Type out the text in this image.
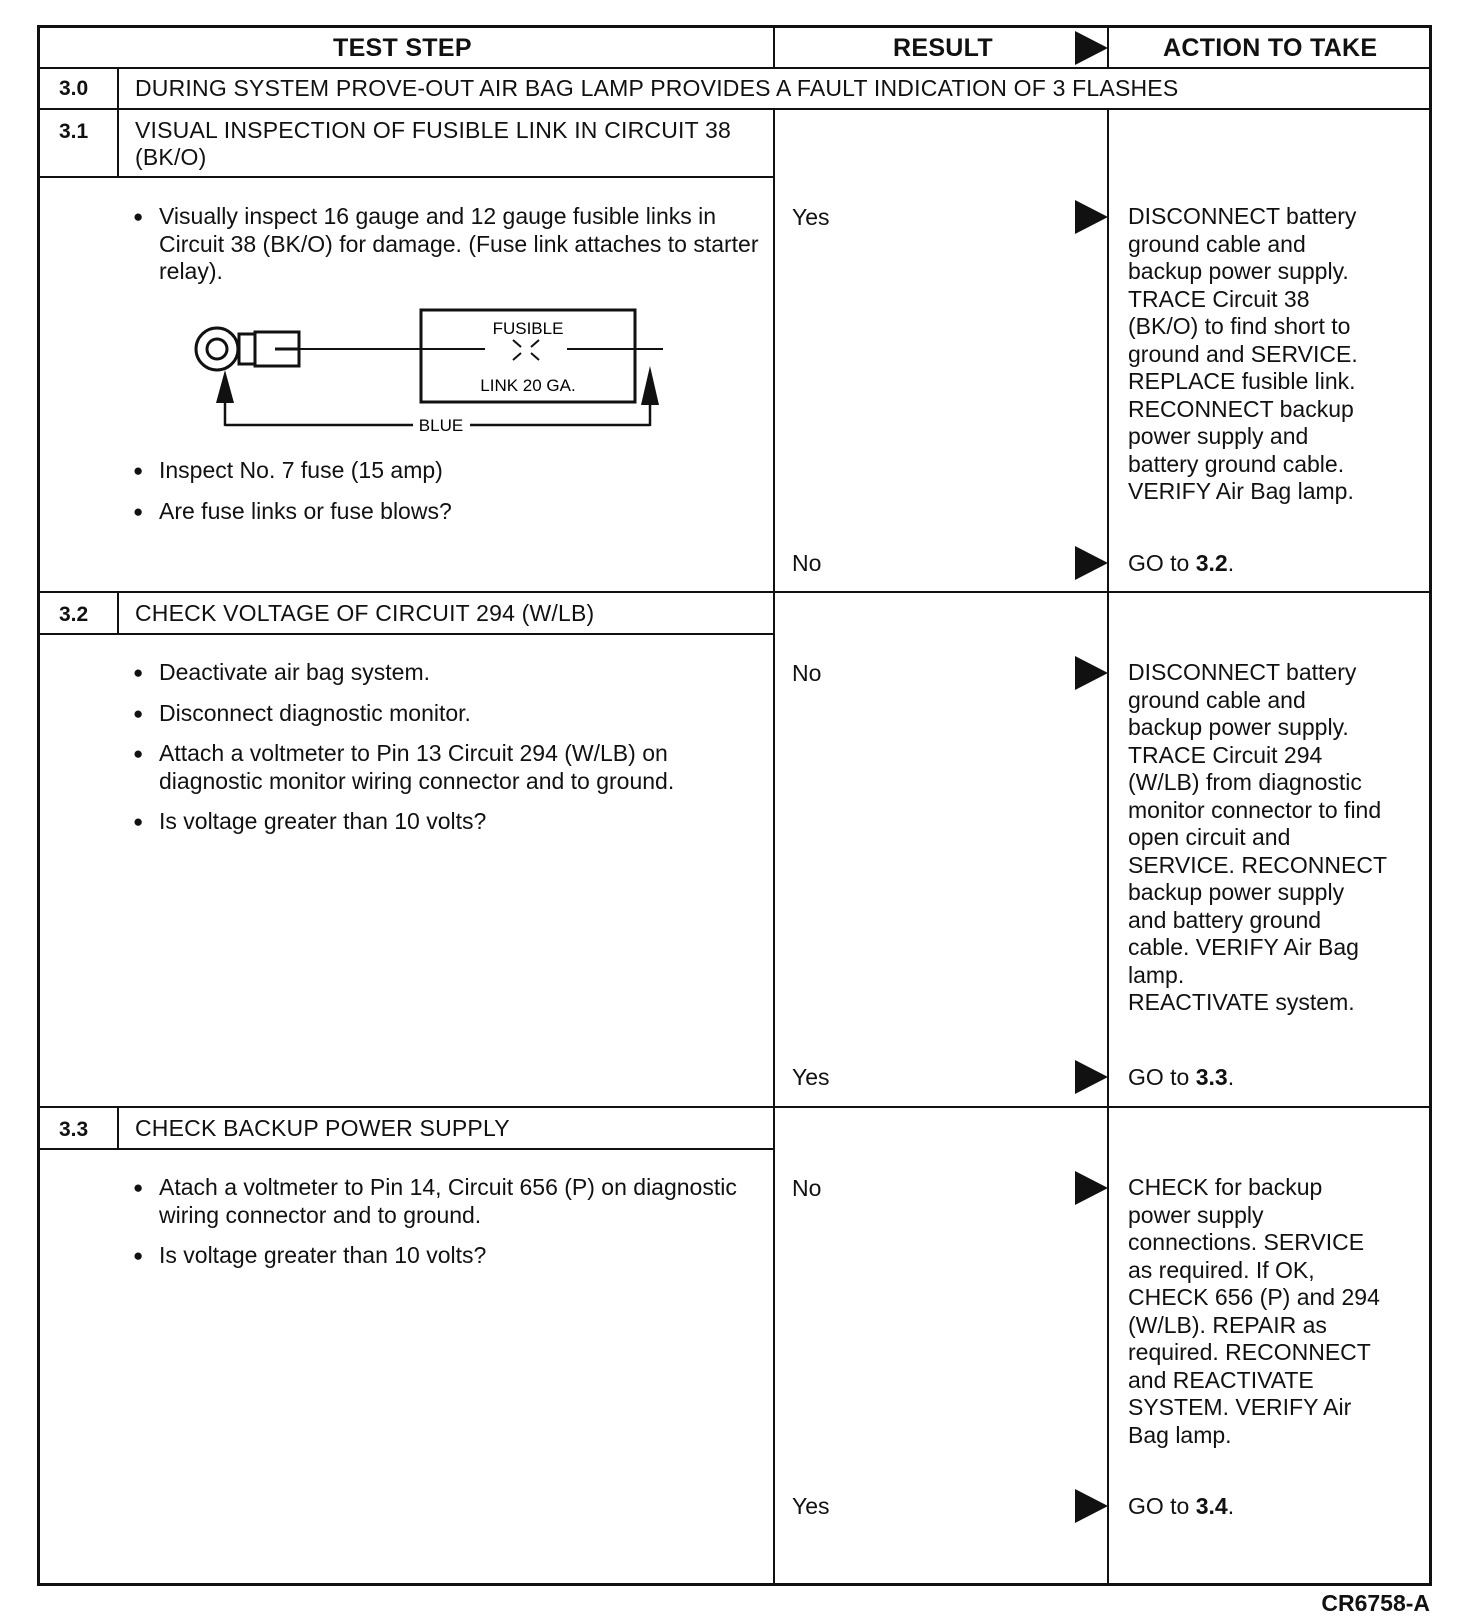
TEST STEP	RESULT	ACTION TO TAKE
3.0 DURING SYSTEM PROVE-OUT AIR BAG LAMP PROVIDES A FAULT INDICATION OF 3 FLASHES
3.1 VISUAL INSPECTION OF FUSIBLE LINK IN CIRCUIT 38 (BK/O)
● Visually inspect 16 gauge and 12 gauge fusible links in Circuit 38 (BK/O) for damage. (Fuse link attaches to starter relay).
FUSIBLE
LINK 20 GA.
BLUE
● Inspect No. 7 fuse (15 amp)
● Are fuse links or fuse blows?
Yes	DISCONNECT battery
ground cable and
backup power supply.
TRACE Circuit 38
(BK/O) to find short to
ground and SERVICE.
REPLACE fusible link.
RECONNECT backup
power supply and
battery ground cable.
VERIFY Air Bag lamp.
No	GO to 3.2.
3.2 CHECK VOLTAGE OF CIRCUIT 294 (W/LB)
● Deactivate air bag system.
● Disconnect diagnostic monitor.
● Attach a voltmeter to Pin 13 Circuit 294 (W/LB) on diagnostic monitor wiring connector and to ground.
● Is voltage greater than 10 volts?
No	DISCONNECT battery
ground cable and
backup power supply.
TRACE Circuit 294
(W/LB) from diagnostic
monitor connector to find
open circuit and
SERVICE. RECONNECT
backup power supply
and battery ground
cable. VERIFY Air Bag
lamp.
REACTIVATE system.
Yes	GO to 3.3.
3.3 CHECK BACKUP POWER SUPPLY
● Atach a voltmeter to Pin 14, Circuit 656 (P) on diagnostic wiring connector and to ground.
● Is voltage greater than 10 volts?
No	CHECK for backup
power supply
connections. SERVICE
as required. If OK,
CHECK 656 (P) and 294
(W/LB). REPAIR as
required. RECONNECT
and REACTIVATE
SYSTEM. VERIFY Air
Bag lamp.
Yes	GO to 3.4.
CR6758-A
